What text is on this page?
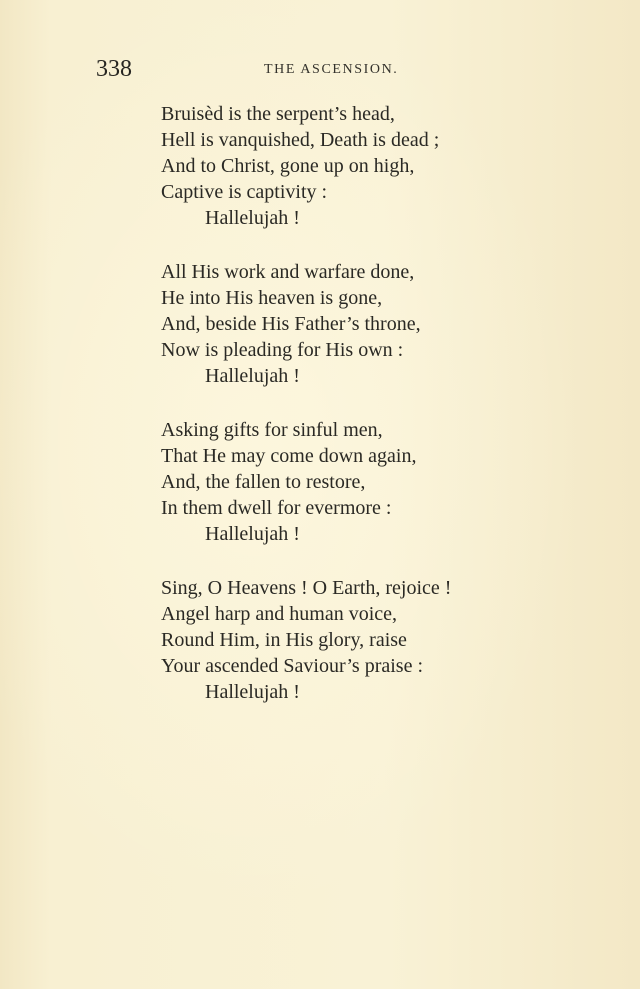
338	THE ASCENSION.
Bruisèd is the serpent’s head,
Hell is vanquished, Death is dead ;
And to Christ, gone up on high,
Captive is captivity :
Hallelujah !
All His work and warfare done,
He into His heaven is gone,
And, beside His Father’s throne,
Now is pleading for His own :
Hallelujah !
Asking gifts for sinful men,
That He may come down again,
And, the fallen to restore,
In them dwell for evermore :
Hallelujah !
Sing, O Heavens ! O Earth, rejoice !
Angel harp and human voice,
Round Him, in His glory, raise
Your ascended Saviour’s praise :
Hallelujah !
